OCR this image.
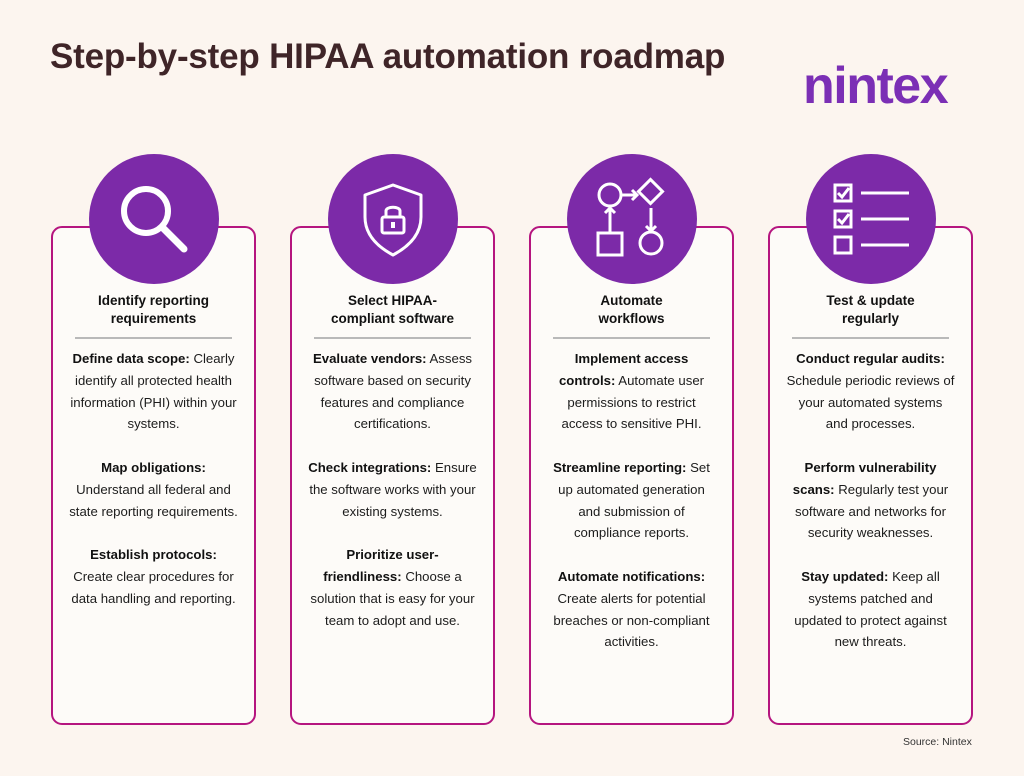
Step-by-step HIPAA automation roadmap
nintex
Identify reporting requirements
Define data scope: Clearly identify all protected health information (PHI) within your systems.
Map obligations: Understand all federal and state reporting requirements.
Establish protocols: Create clear procedures for data handling and reporting.
Select HIPAA-compliant software
Evaluate vendors: Assess software based on security features and compliance certifications.
Check integrations: Ensure the software works with your existing systems.
Prioritize user-friendliness: Choose a solution that is easy for your team to adopt and use.
Automate workflows
Implement access controls: Automate user permissions to restrict access to sensitive PHI.
Streamline reporting: Set up automated generation and submission of compliance reports.
Automate notifications: Create alerts for potential breaches or non-compliant activities.
Test & update regularly
Conduct regular audits: Schedule periodic reviews of your automated systems and processes.
Perform vulnerability scans: Regularly test your software and networks for security weaknesses.
Stay updated: Keep all systems patched and updated to protect against new threats.
Source: Nintex
